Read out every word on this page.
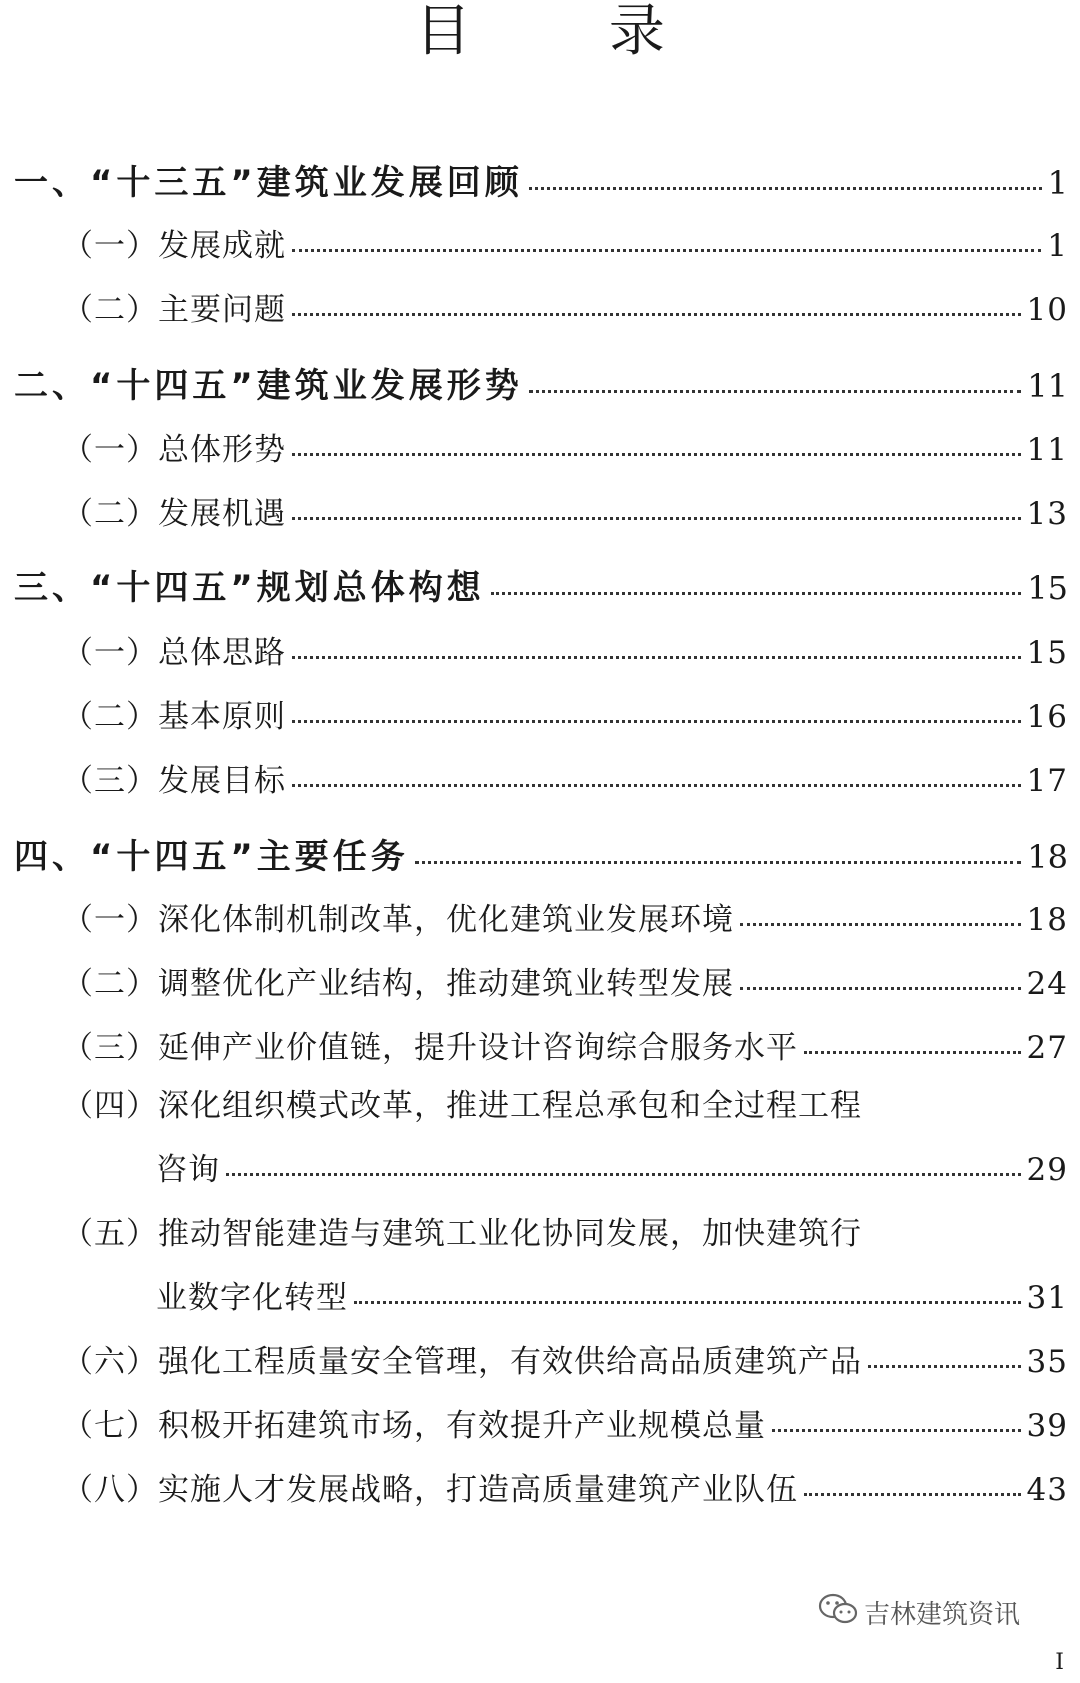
目 录
一、“十三五”建筑业发展回顾	1
（一）发展成就	1
（二）主要问题	10
二、“十四五”建筑业发展形势	11
（一）总体形势	11
（二）发展机遇	13
三、“十四五”规划总体构想	15
（一）总体思路	15
（二）基本原则	16
（三）发展目标	17
四、“十四五”主要任务	18
（一）深化体制机制改革，优化建筑业发展环境	18
（二）调整优化产业结构，推动建筑业转型发展	24
（三）延伸产业价值链，提升设计咨询综合服务水平	27
（四）深化组织模式改革，推进工程总承包和全过程工程
咨询	29
（五）推动智能建造与建筑工业化协同发展，加快建筑行
业数字化转型	31
（六）强化工程质量安全管理，有效供给高品质建筑产品	35
（七）积极开拓建筑市场，有效提升产业规模总量	39
（八）实施人才发展战略，打造高质量建筑产业队伍	43
吉林建筑资讯
I
